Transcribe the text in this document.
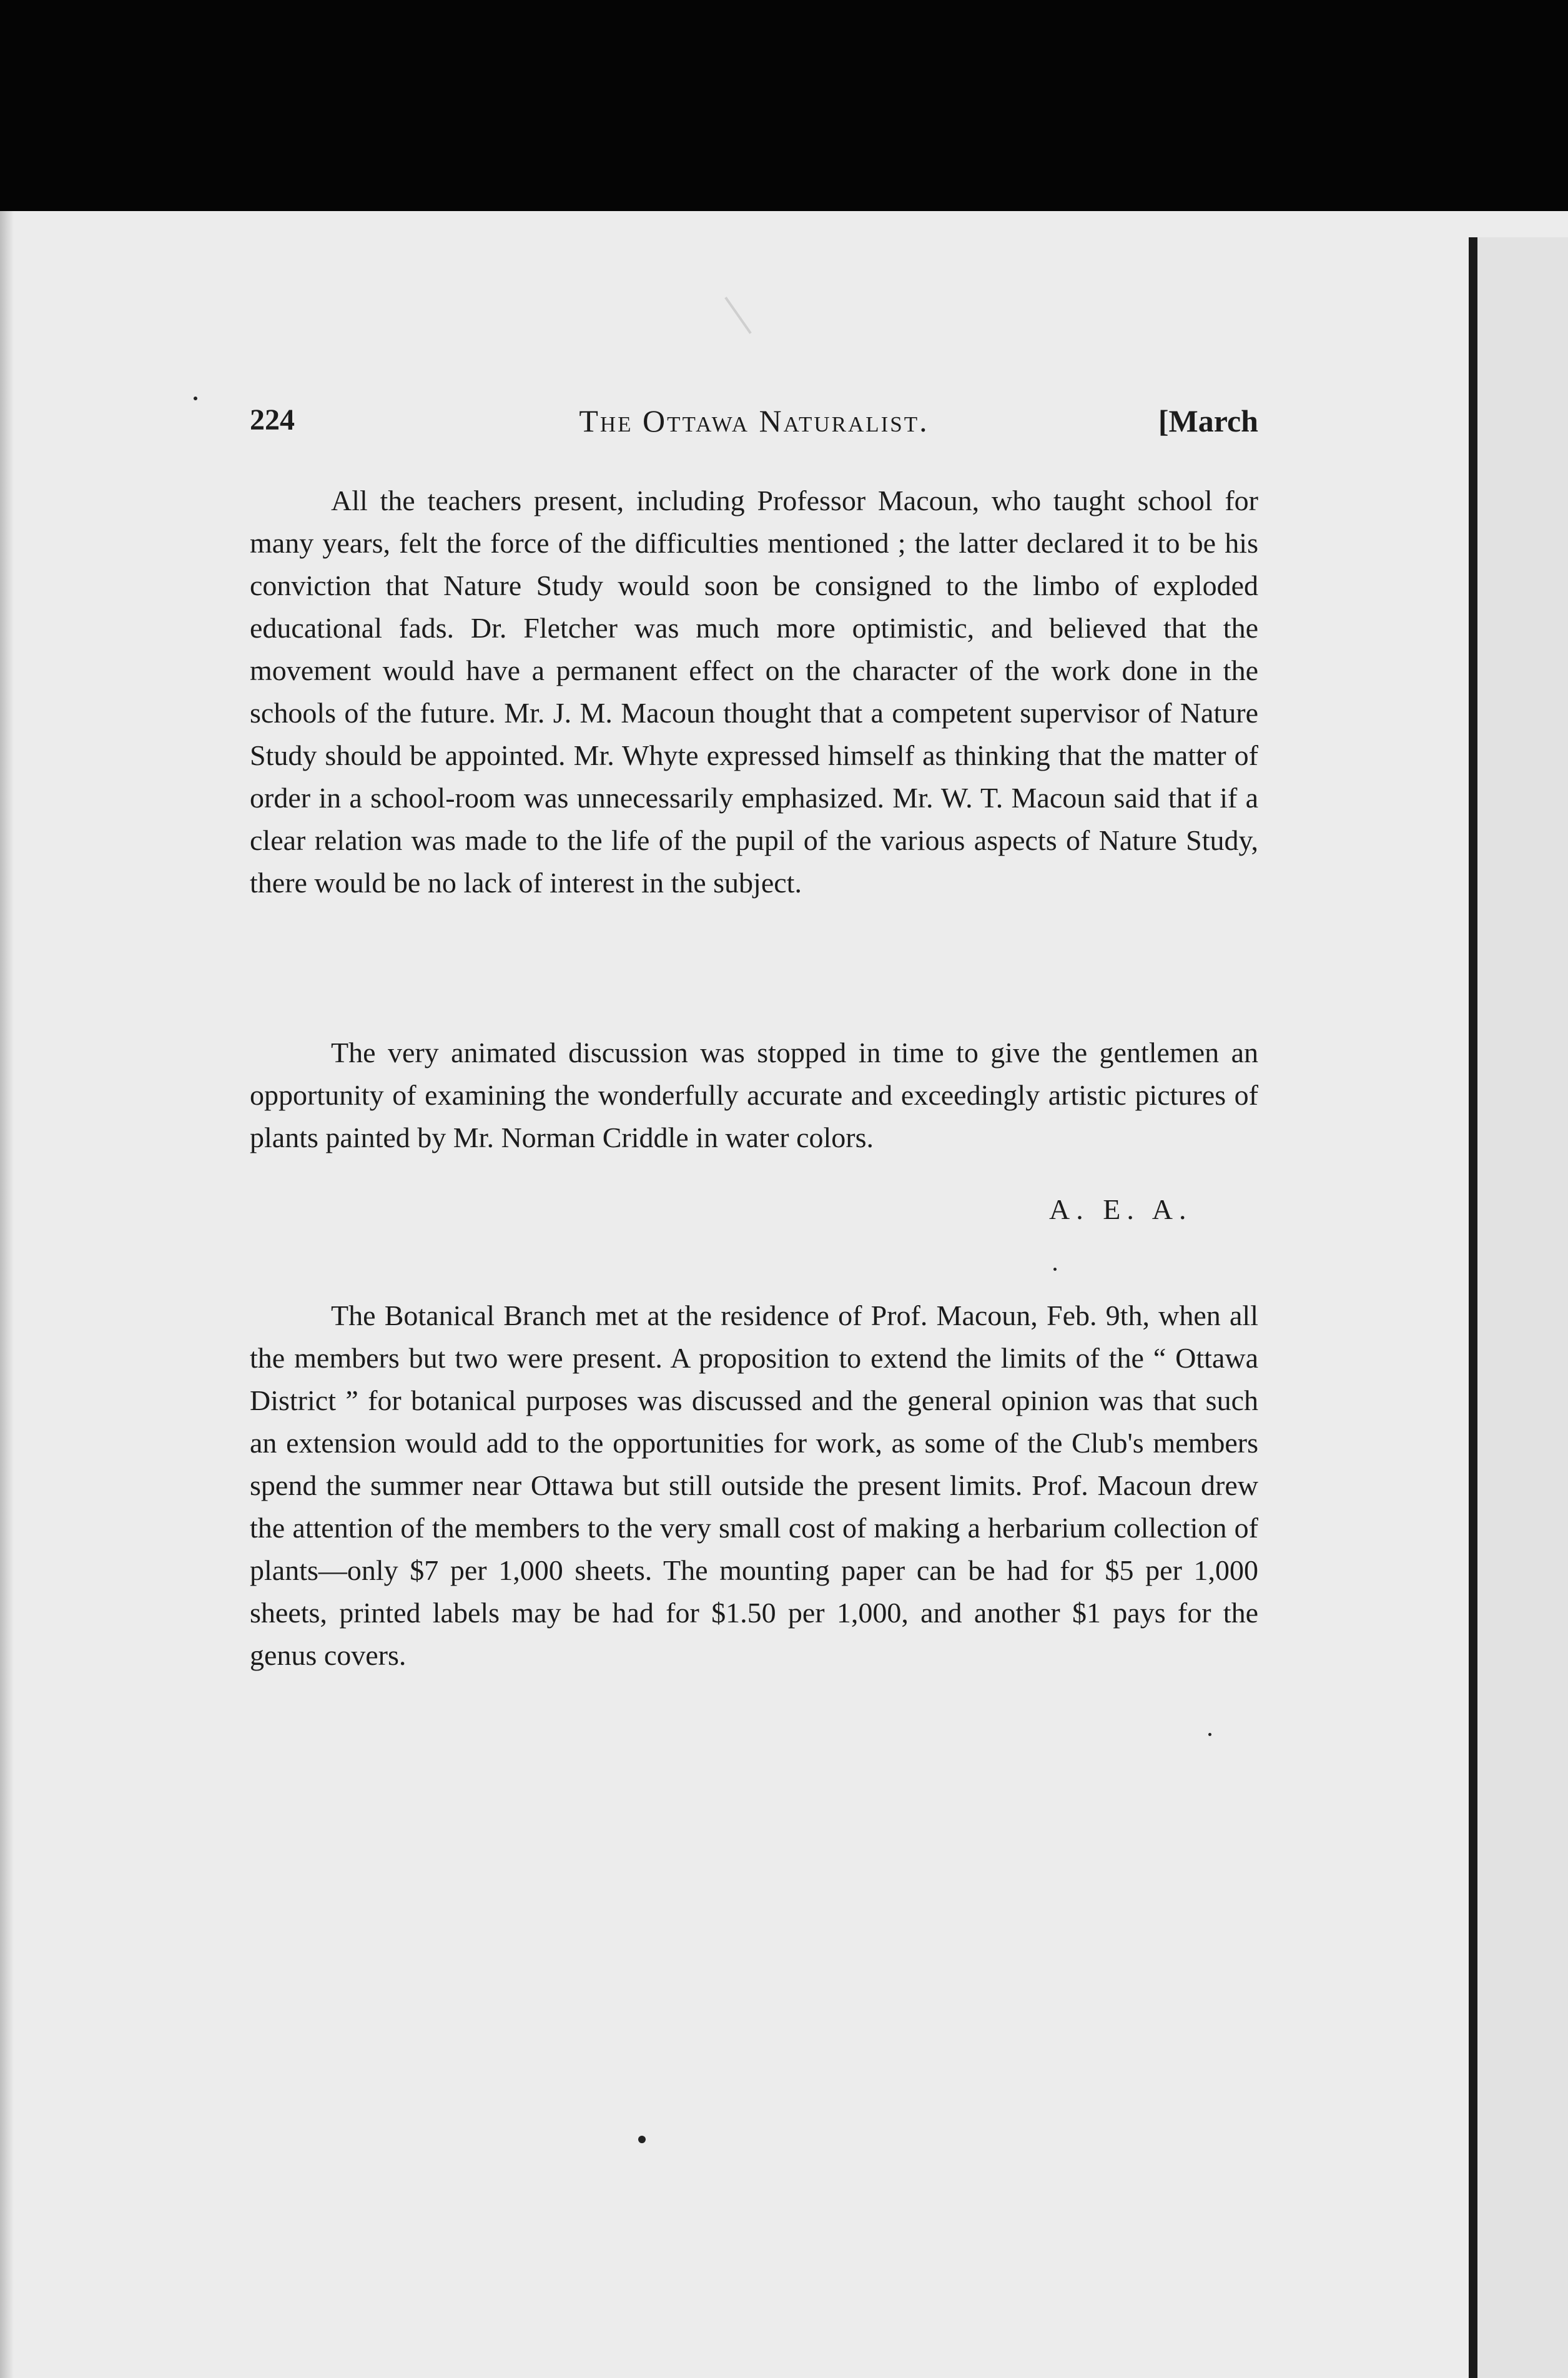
224	The Ottawa Naturalist.	[March

All the teachers present, including Professor Macoun, who taught school for many years, felt the force of the difficulties mentioned ; the latter declared it to be his conviction that Nature Study would soon be consigned to the limbo of exploded educational fads. Dr. Fletcher was much more optimistic, and believed that the movement would have a permanent effect on the character of the work done in the schools of the future. Mr. J. M. Macoun thought that a competent supervisor of Nature Study should be appointed. Mr. Whyte expressed himself as thinking that the matter of order in a school-room was unnecessarily emphasized. Mr. W. T. Macoun said that if a clear relation was made to the life of the pupil of the various aspects of Nature Study, there would be no lack of interest in the subject.

The very animated discussion was stopped in time to give the gentlemen an opportunity of examining the wonderfully accurate and exceedingly artistic pictures of plants painted by Mr. Norman Criddle in water colors.

A. E. A.

The Botanical Branch met at the residence of Prof. Macoun, Feb. 9th, when all the members but two were present. A proposition to extend the limits of the “ Ottawa District ” for botanical purposes was discussed and the general opinion was that such an extension would add to the opportunities for work, as some of the Club's members spend the summer near Ottawa but still outside the present limits. Prof. Macoun drew the attention of the members to the very small cost of making a herbarium collection of plants—only $7 per 1,000 sheets. The mounting paper can be had for $5 per 1,000 sheets, printed labels may be had for $1.50 per 1,000, and another $1 pays for the genus covers.
